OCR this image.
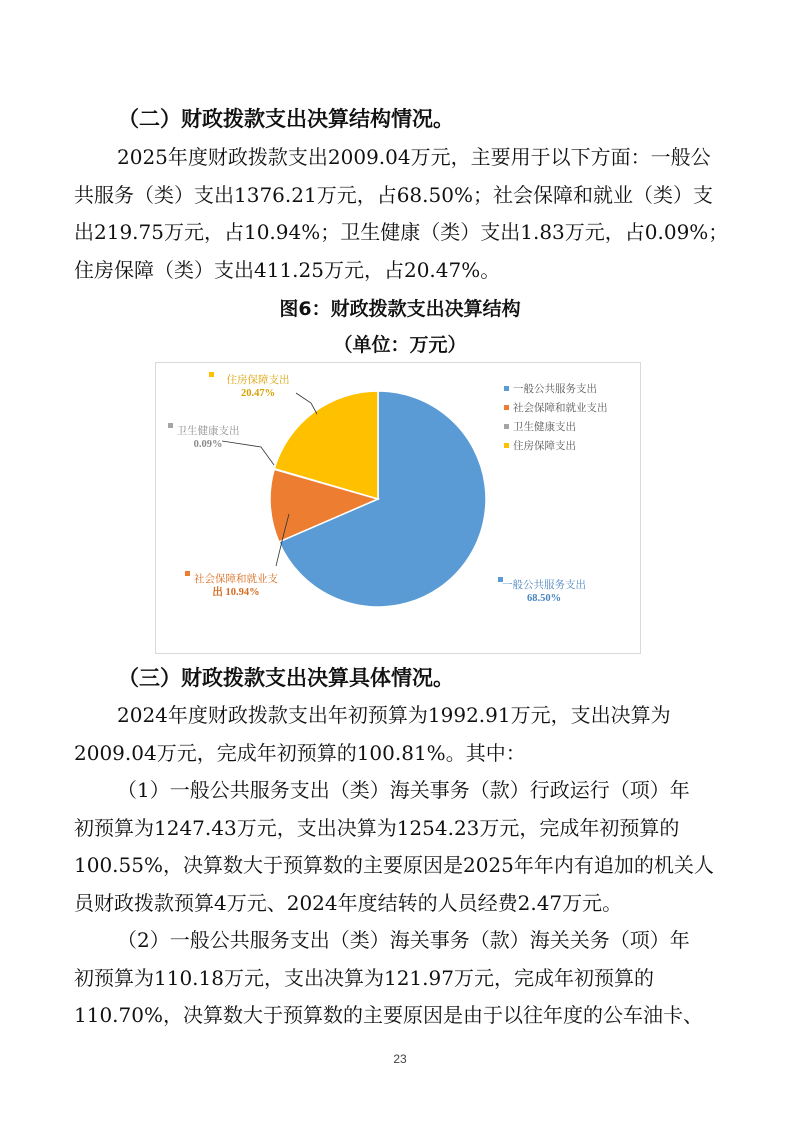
（二）财政拨款支出决算结构情况。
2025年度财政拨款支出2009.04万元，主要用于以下方面：一般公
共服务（类）支出1376.21万元，占68.50%；社会保障和就业（类）支
出219.75万元，占10.94%；卫生健康（类）支出1.83万元，占0.09%；
住房保障（类）支出411.25万元，占20.47%。
图6：财政拨款支出决算结构
（单位：万元）
一般公共服务支出 68.50%
社会保障和就业支出 10.94%
卫生健康支出 0.09%
住房保障支出 20.47%	一般公共服务支出
社会保障和就业支出
卫生健康支出
住房保障支出
（三）财政拨款支出决算具体情况。
2024年度财政拨款支出年初预算为1992.91万元，支出决算为
2009.04万元，完成年初预算的100.81%。其中：
（1）一般公共服务支出（类）海关事务（款）行政运行（项）年
初预算为1247.43万元，支出决算为1254.23万元，完成年初预算的
100.55%，决算数大于预算数的主要原因是2025年年内有追加的机关人
员财政拨款预算4万元、2024年度结转的人员经费2.47万元。
（2）一般公共服务支出（类）海关事务（款）海关关务（项）年
初预算为110.18万元，支出决算为121.97万元，完成年初预算的
110.70%，决算数大于预算数的主要原因是由于以往年度的公车油卡、
23
